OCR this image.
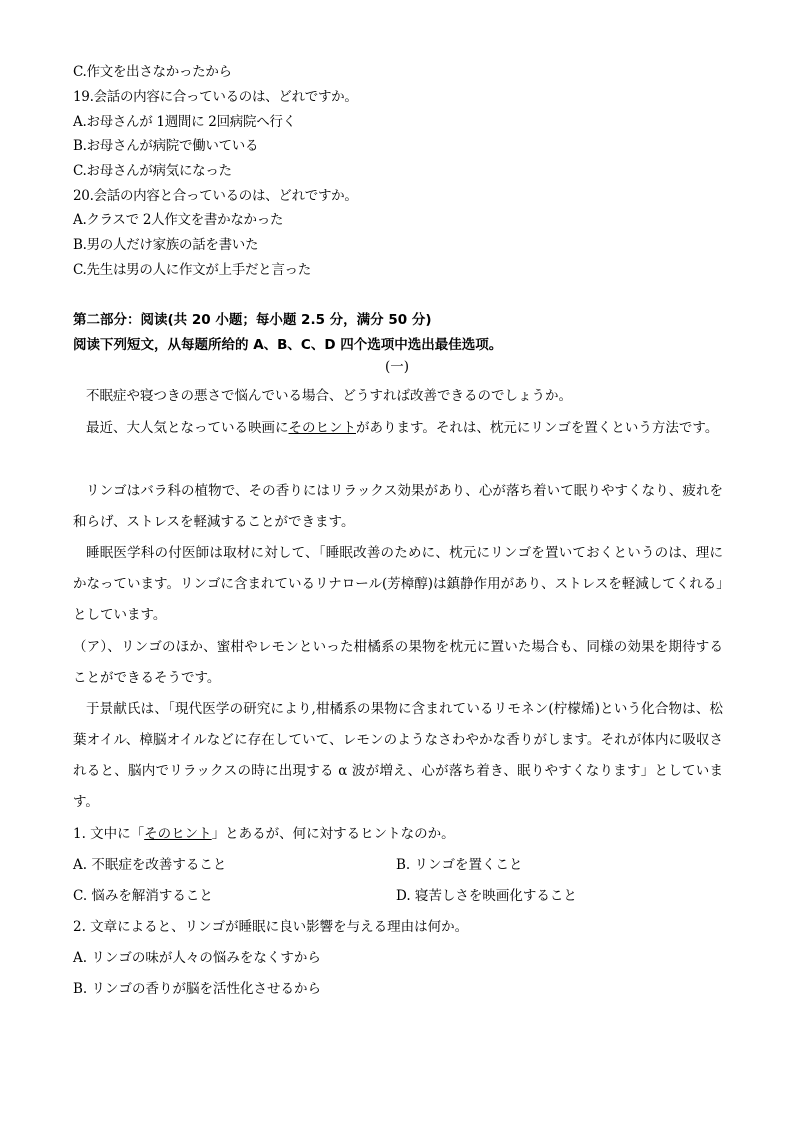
C.作文を出さなかったから
19.会話の内容に合っているのは、どれですか。
A.お母さんが 1週間に 2回病院へ行く
B.お母さんが病院で働いている
C.お母さんが病気になった
20.会話の内容と合っているのは、どれですか。
A.クラスで 2人作文を書かなかった
B.男の人だけ家族の話を書いた
C.先生は男の人に作文が上手だと言った
第二部分：阅读(共 20 小题；每小题 2.5 分，满分 50 分)
阅读下列短文，从每题所给的 A、B、C、D 四个选项中选出最佳选项。
(一)
不眠症や寝つきの悪さで悩んでいる場合、どうすれば改善できるのでしょうか。
最近、大人気となっている映画にそのヒントがあります。それは、枕元にリンゴを置くという方法です。
リンゴはバラ科の植物で、その香りにはリラックス効果があり、心が落ち着いて眠りやすくなり、疲れを和らげ、ストレスを軽減することができます。
睡眠医学科の付医師は取材に対して、「睡眠改善のために、枕元にリンゴを置いておくというのは、理にかなっています。リンゴに含まれているリナロール(芳樟醇)は鎮静作用があり、ストレスを軽減してくれる」としています。
（ア）、リンゴのほか、蜜柑やレモンといった柑橘系の果物を枕元に置いた場合も、同様の効果を期待することができるそうです。
于景献氏は、「現代医学の研究により,柑橘系の果物に含まれているリモネン(柠檬烯)という化合物は、松葉オイル、樟脳オイルなどに存在していて、レモンのようなさわやかな香りがします。それが体内に吸収されると、脳内でリラックスの時に出現する α 波が増え、心が落ち着き、眠りやすくなります」としています。
1. 文中に「そのヒント」とあるが、何に対するヒントなのか。
A. 不眠症を改善すること	B. リンゴを置くこと
C. 悩みを解消すること	D. 寝苦しさを映画化すること
2. 文章によると、リンゴが睡眠に良い影響を与える理由は何か。
A. リンゴの味が人々の悩みをなくすから
B. リンゴの香りが脳を活性化させるから
